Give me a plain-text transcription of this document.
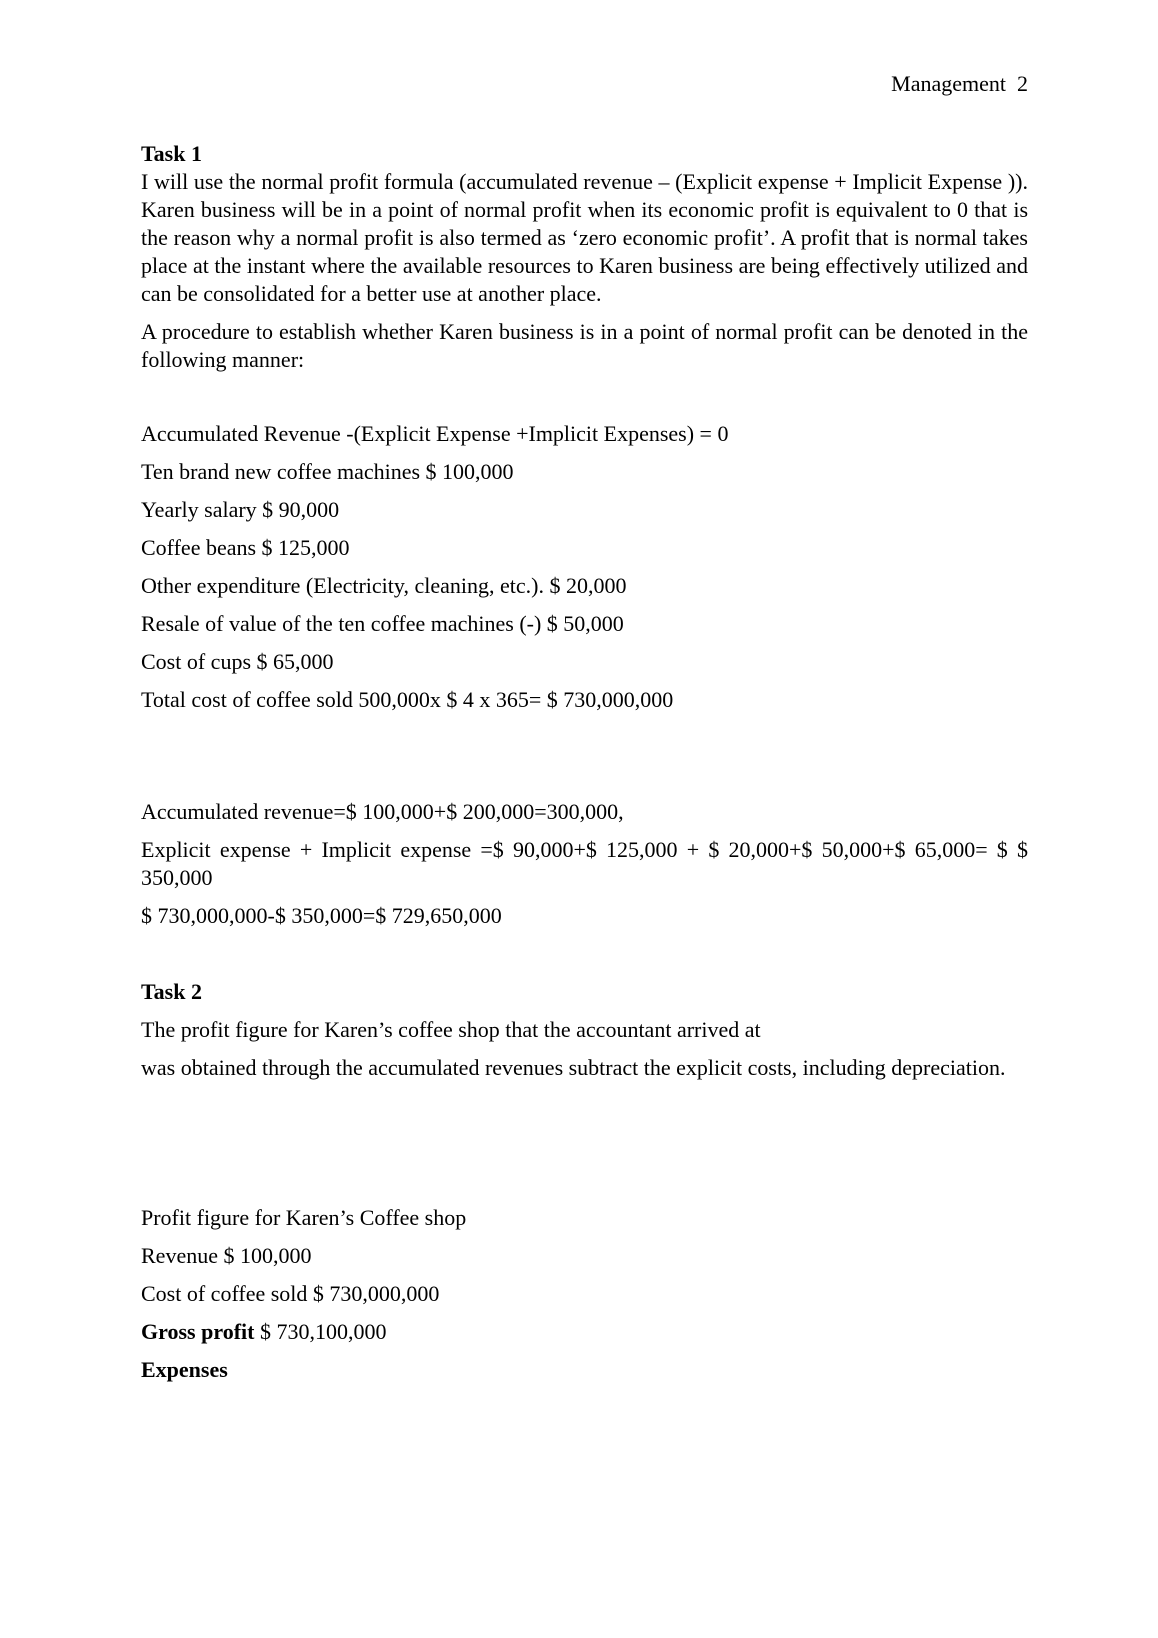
Management  2

Task 1

I will use the normal profit formula (accumulated revenue – (Explicit expense + Implicit Expense )). Karen business will be in a point of normal profit when its economic profit is equivalent to 0 that is the reason why a normal profit is also termed as ‘zero economic profit’. A profit that is normal takes place at the instant where the available resources to Karen business are being effectively utilized and can be consolidated for a better use at another place.

A procedure to establish whether Karen business is in a point of normal profit can be denoted in the following manner:

Accumulated Revenue -(Explicit Expense +Implicit Expenses) = 0

Ten brand new coffee machines $ 100,000

Yearly salary $ 90,000

Coffee beans $ 125,000

Other expenditure (Electricity, cleaning, etc.). $ 20,000

Resale of value of the ten coffee machines (-) $ 50,000

Cost of cups $ 65,000

Total cost of coffee sold 500,000x $ 4 x 365= $ 730,000,000

Accumulated revenue=$ 100,000+$ 200,000=300,000,

Explicit expense + Implicit expense =$ 90,000+$ 125,000 + $ 20,000+$ 50,000+$ 65,000= $ $ 350,000

$ 730,000,000-$ 350,000=$ 729,650,000

Task 2

The profit figure for Karen’s coffee shop that the accountant arrived at

was obtained through the accumulated revenues subtract the explicit costs, including depreciation.

Profit figure for Karen’s Coffee shop

Revenue $ 100,000

Cost of coffee sold $ 730,000,000

Gross profit $ 730,100,000

Expenses
